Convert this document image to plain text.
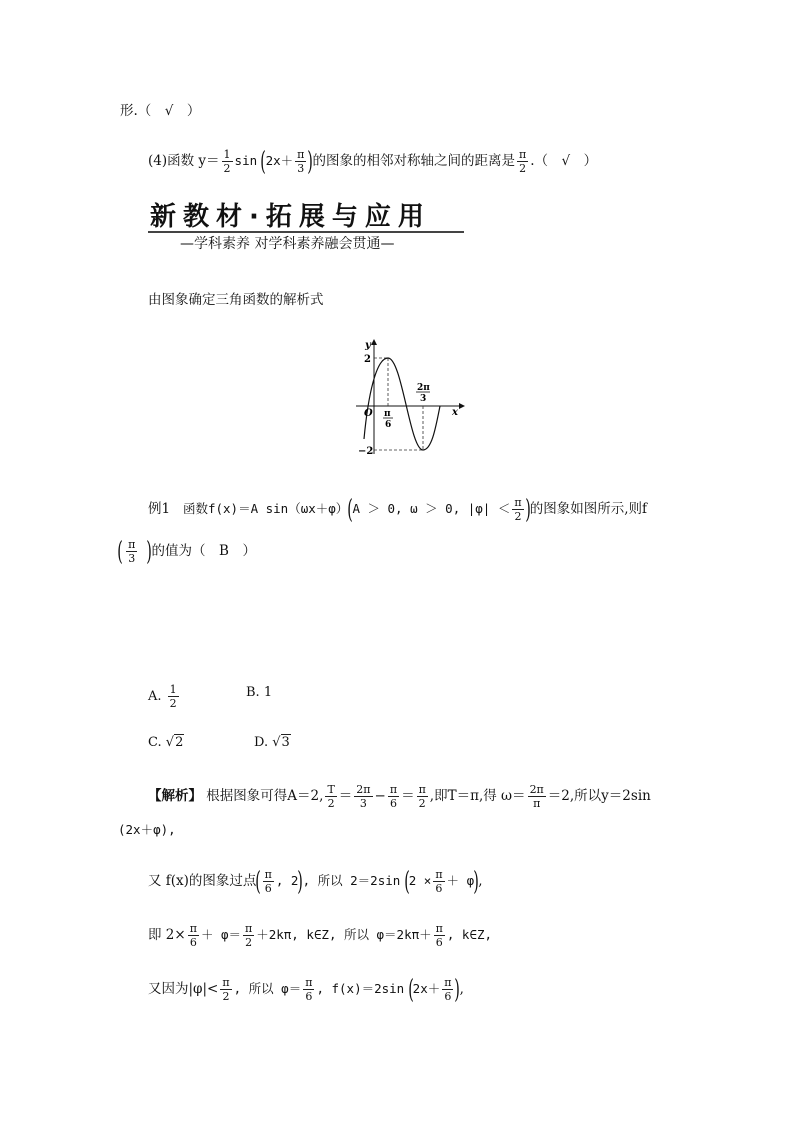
形.（　√　）
(4)函数 $y= \frac{1}{2}$ $\sin (2x+ \frac{\pi}{3}$ )的图象的相邻对称轴之间的距离是 $\frac{\pi}{2}$ .（　√　）
新教材·拓展与应用
—学科素养 对学科素养融会贯通—
由图象确定三角函数的解析式
y
x
O
2
−2
π
6
2π
3
例1 函数f(x)＝A sin（ωx＋φ）(A ＞ 0, ω ＞ 0, $|\varphi| < \frac{\pi}{2}$ )的图象如图所示,则f
( $\frac{\pi}{3}$ )的值为（　B　）
A. $\frac{1}{2}$	B. 1
C. √2	D. √3
【解析】 根据图象可得A＝2, $\frac{T}{2} = \frac{2\pi}{3} - \frac{\pi}{6} = \frac{\pi}{2}$ ,即T＝π,得 $\omega= \frac{2\pi}{\pi} =2$,所以y＝2sin
(2x＋φ),
又 f(x)的图象过点( $\frac{\pi}{6}$ , 2), 所以 2＝2sin $(2 \times \frac{\pi}{6} + \varphi)$,
即 $2\times \frac{\pi}{6} + \varphi= \frac{\pi}{2} +2k\pi$, k∈Z, 所以 $\varphi=2k\pi+ \frac{\pi}{6}$ , k∈Z,
又因为$|\varphi|< \frac{\pi}{2}$ , 所以 $\varphi= \frac{\pi}{6}$ , f(x)＝2sin ($2x+ \frac{\pi}{6}$ ),
